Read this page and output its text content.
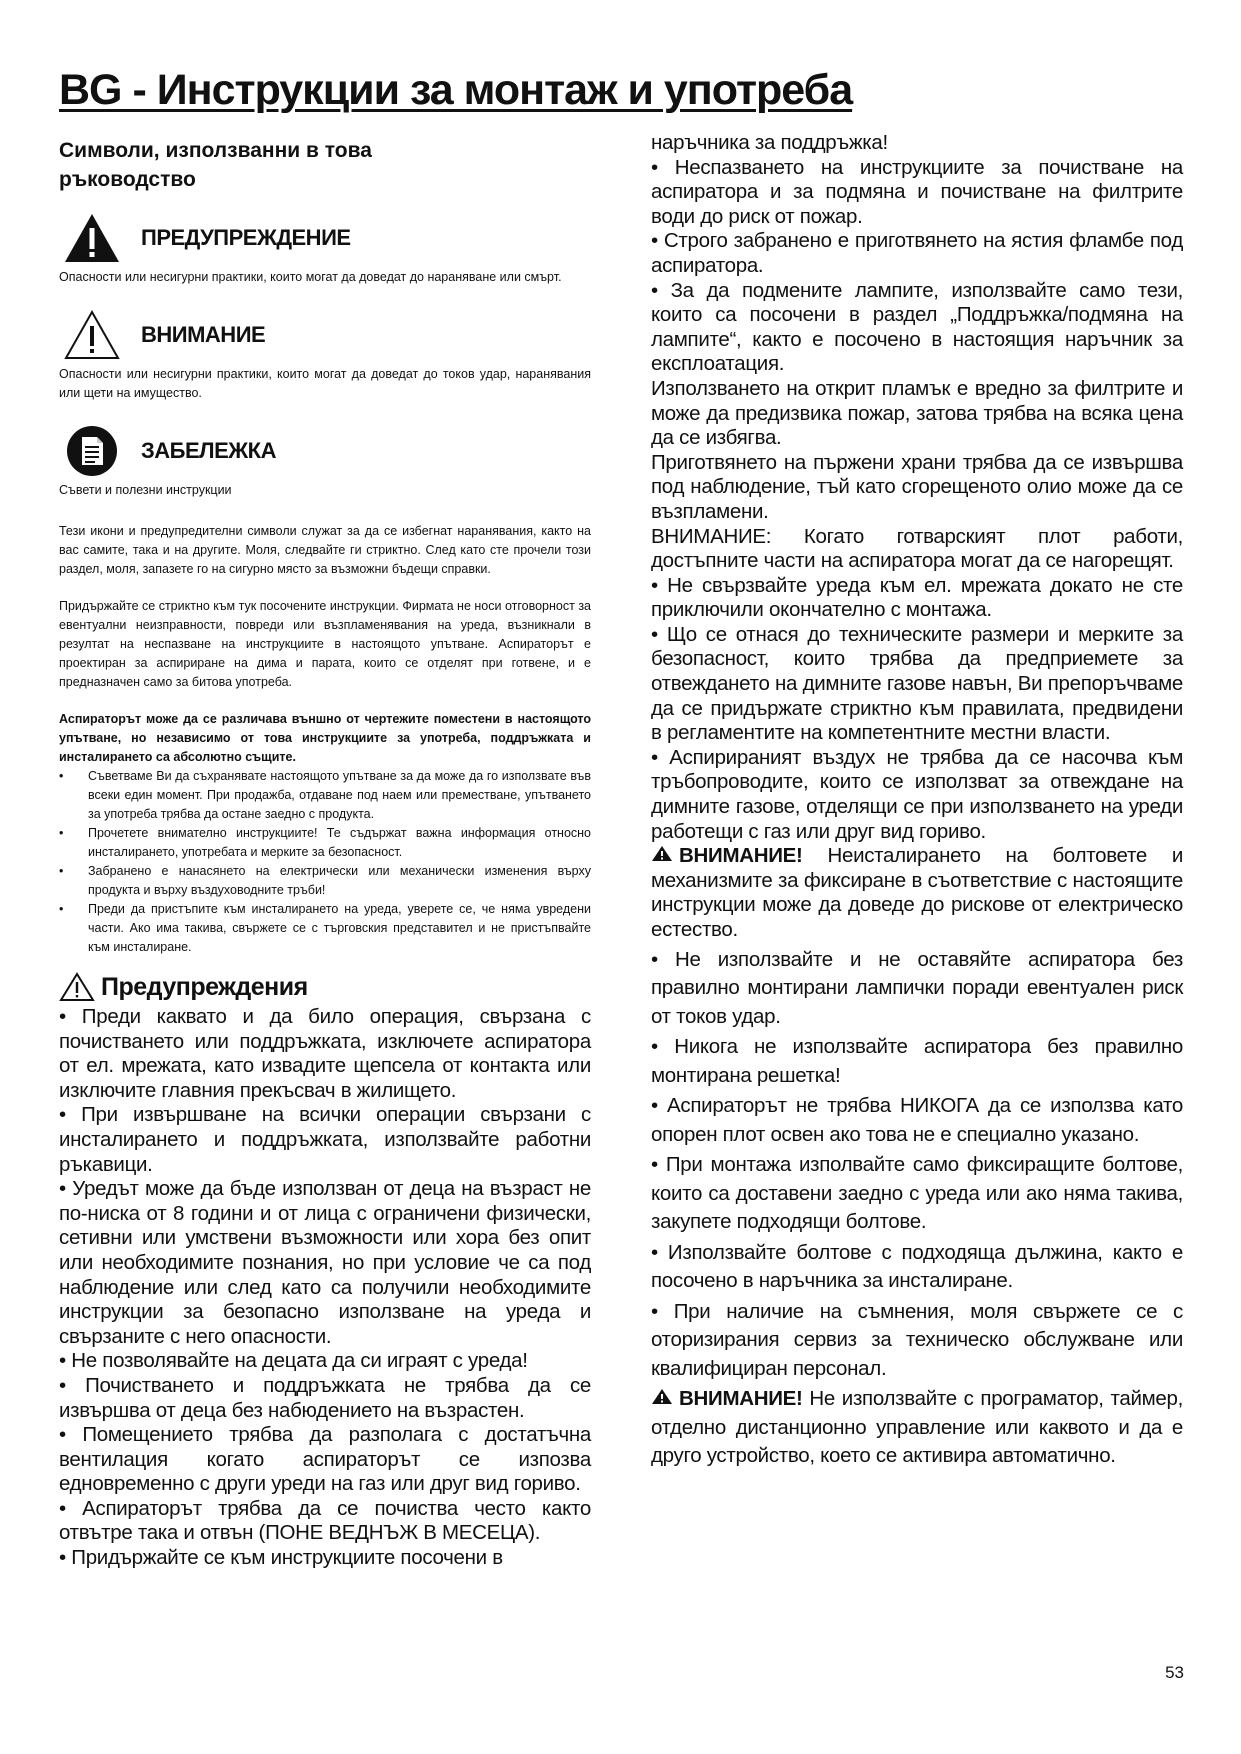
BG - Инструкции за монтаж и употреба
Символи, използванни в това ръководство
ПРЕДУПРЕЖДЕНИЕ

Опасности или несигурни практики, които могат да доведат до нараняване или смърт.

ВНИМАНИЕ

Опасности или несигурни практики, които могат да доведат до токов удар, наранявания или щети на имущество.

ЗАБЕЛЕЖКА

Съвети и полезни инструкции

Тези икони и предупредителни символи служат за да се избегнат наранявания, както на вас самите, така и на другите. Моля, следвайте ги стриктно. След като сте прочели този раздел, моля, запазете го на сигурно място за възможни бъдещи справки.

Придържайте се стриктно към тук посочените инструкции. Фирмата не носи отговорност за евентуални неизправности, повреди или възпламенявания на уреда, възникнали в резултат на неспазване на инструкциите в настоящото упътване. Аспираторът е проектиран за аспириране на дима и парата, които се отделят при готвене, и е предназначен само за битова употреба.

Аспираторът може да се различава външно от чертежите поместени в настоящото упътване, но независимо от това инструкциите за употреба, поддръжката и инсталирането са абсолютно същите.

• Съветваме Ви да съхранявате настоящото упътване за да може да го използвате във всеки един момент. При продажба, отдаване под наем или преместване, упътването за употреба трябва да остане заедно с продукта.
• Прочетете внимателно инструкциите! Те съдържат важна информация относно инсталирането, употребата и мерките за безопасност.
• Забранено е нанасянето на електрически или механически изменения върху продукта и върху въздуховодните тръби!
• Преди да пристъпите към инсталирането на уреда, уверете се, че няма увредени части. Ако има такива, свържете се с търговския представител и не пристъпвайте към инсталиране.
Предупреждения

• Преди каквато и да било операция, свързана с почистването или поддръжката, изключете аспиратора от ел. мрежата, като извадите щепсела от контакта или изключите главния прекъсвач в жилището.

• При извършване на всички операции свързани с инсталирането и поддръжката, използвайте работни ръкавици.

• Уредът може да бъде използван от деца на възраст не по-ниска от 8 години и от лица с ограничени физически, сетивни или умствени възможности или хора без опит или необходимите познания, но при условие че са под наблюдение или след като са получили необходимите инструкции за безопасно използване на уреда и свързаните с него опасности.

• Не позволявайте на децата да си играят с уреда!

• Почистването и поддръжката не трябва да се извършва от деца без набюдението на възрастен.

• Помещението трябва да разполага с достатъчна вентилация когато аспираторът се изпозва едновременно с други уреди на газ или друг вид гориво.

• Аспираторът трябва да се почиства често както отвътре така и отвън (ПОНЕ ВЕДНЪЖ В МЕСЕЦА).

• Придържайте се към инструкциите посочени в

наръчника за поддръжка!

• Неспазването на инструкциите за почистване на аспиратора и за подмяна и почистване на филтрите води до риск от пожар.

• Строго забранено е приготвянето на ястия фламбе под аспиратора.

• За да подмените лампите, използвайте само тези, които са посочени в раздел „Поддръжка/подмяна на лампите“, както е посочено в настоящия наръчник за експлоатация.

Използването на открит пламък е вредно за филтрите и може да предизвика пожар, затова трябва на всяка цена да се избягва.

Приготвянето на пържени храни трябва да се извършва под наблюдение, тъй като сгорещеното олио може да се възпламени.

ВНИМАНИЕ: Когато готварският плот работи, достъпните части на аспиратора могат да се нагорещят.

• Не свързвайте уреда към ел. мрежата докато не сте приключили окончателно с монтажа.

• Що се отнася до техническите размери и мерките за безопасност, които трябва да предприемете за отвеждането на димните газове навън, Ви препоръчваме да се придържате стриктно към правилата, предвидени в регламентите на компетентните местни власти.

• Аспирираният въздух не трябва да се насочва към тръбопроводите, които се използват за отвеждане на димните газове, отделящи се при използването на уреди работещи с газ или друг вид гориво.

ВНИМАНИЕ! Неисталирането на болтовете и механизмите за фиксиране в съответствие с настоящите инструкции може да доведе до рискове от електрическо естество.

• Не използвайте и не оставяйте аспиратора без правилно монтирани лампички поради евентуален риск от токов удар.

• Никога не използвайте аспиратора без правилно монтирана решетка!

• Аспираторът не трябва НИКОГА да се използва като опорен плот освен ако това не е специално указано.

• При монтажа изполвайте само фиксиращите болтове, които са доставени заедно с уреда или ако няма такива, закупете подходящи болтове.

• Използвайте болтове с подходяща дължина, както е посочено в наръчника за инсталиране.

• При наличие на съмнения, моля свържете се с оторизирания сервиз за техническо обслужване или квалифициран персонал.

ВНИМАНИЕ! Не използвайте с програматор, таймер, отделно дистанционно управление или каквото и да е друго устройство, което се активира автоматично.

53
